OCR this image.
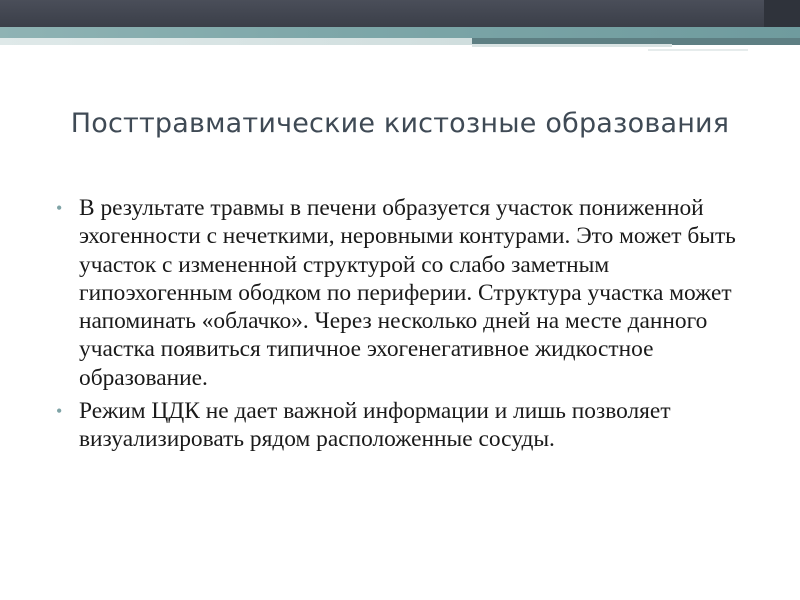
Посттравматические кистозные образования
• В результате травмы в печени образуется участок пониженной эхогенности с нечеткими, неровными контурами. Это может быть участок с измененной структурой со слабо заметным гипоэхогенным ободком по периферии. Структура участка может напоминать «облачко». Через несколько дней на месте данного участка появиться типичное эхогенегативное жидкостное образование.
• Режим ЦДК не дает важной информации и лишь позволяет визуализировать рядом расположенные сосуды.
